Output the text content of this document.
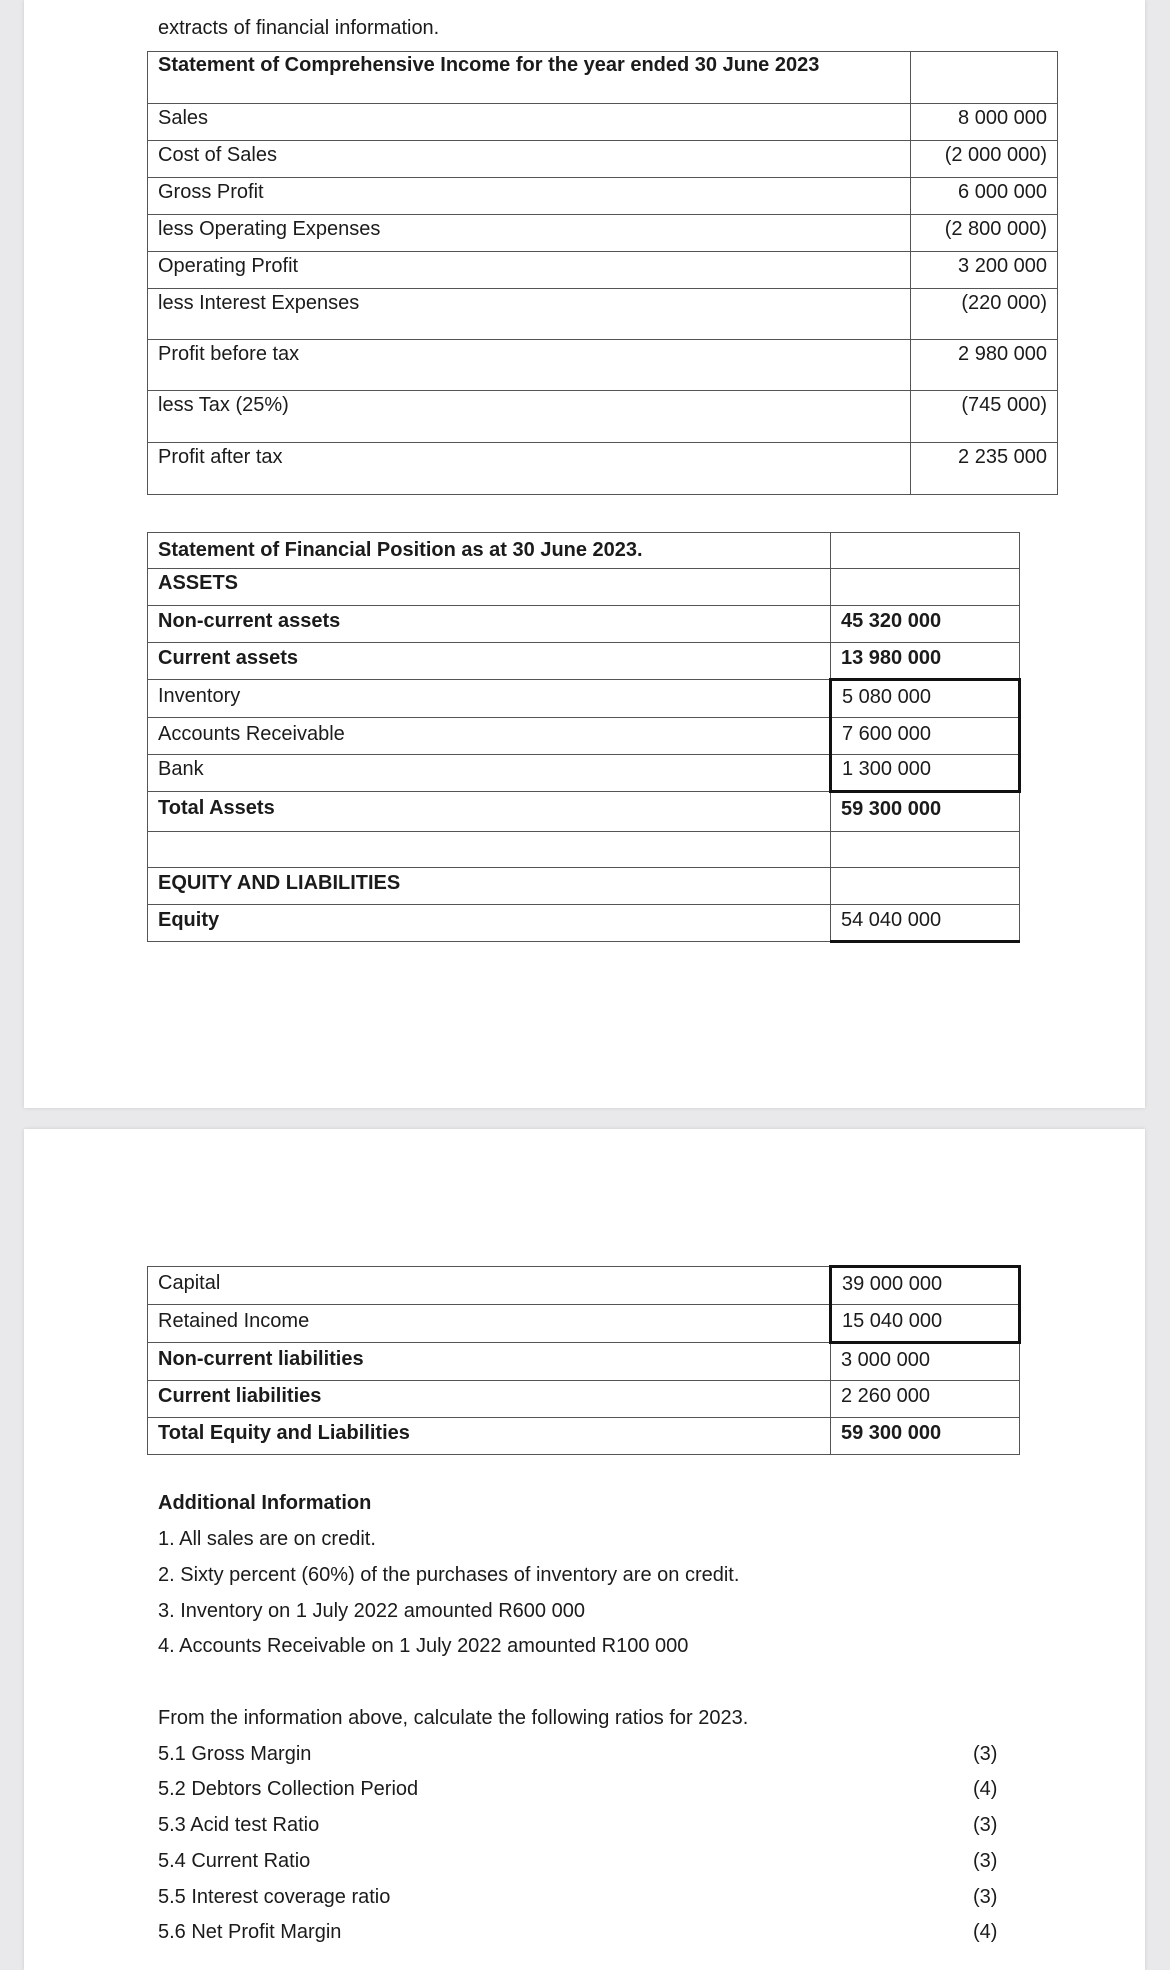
extracts of financial information.
Statement of Comprehensive Income for the year ended 30 June 2023	
Sales	8 000 000
Cost of Sales	(2 000 000)
Gross Profit	6 000 000
less Operating Expenses	(2 800 000)
Operating Profit	3 200 000
less Interest Expenses	(220 000)
Profit before tax	2 980 000
less Tax (25%)	(745 000)
Profit after tax	2 235 000
Statement of Financial Position as at 30 June 2023.	
ASSETS	
Non-current assets	45 320 000
Current assets	13 980 000
Inventory	5 080 000
Accounts Receivable	7 600 000
Bank	1 300 000
Total Assets	59 300 000

EQUITY AND LIABILITIES	
Equity	54 040 000
Capital	39 000 000
Retained Income	15 040 000
Non-current liabilities	3 000 000
Current liabilities	2 260 000
Total Equity and Liabilities	59 300 000
Additional Information
1. All sales are on credit.
2. Sixty percent (60%) of the purchases of inventory are on credit.
3. Inventory on 1 July 2022 amounted R600 000
4. Accounts Receivable on 1 July 2022 amounted R100 000
From the information above, calculate the following ratios for 2023.
5.1 Gross Margin	(3)
5.2 Debtors Collection Period	(4)
5.3 Acid test Ratio	(3)
5.4 Current Ratio	(3)
5.5 Interest coverage ratio	(3)
5.6 Net Profit Margin	(4)
